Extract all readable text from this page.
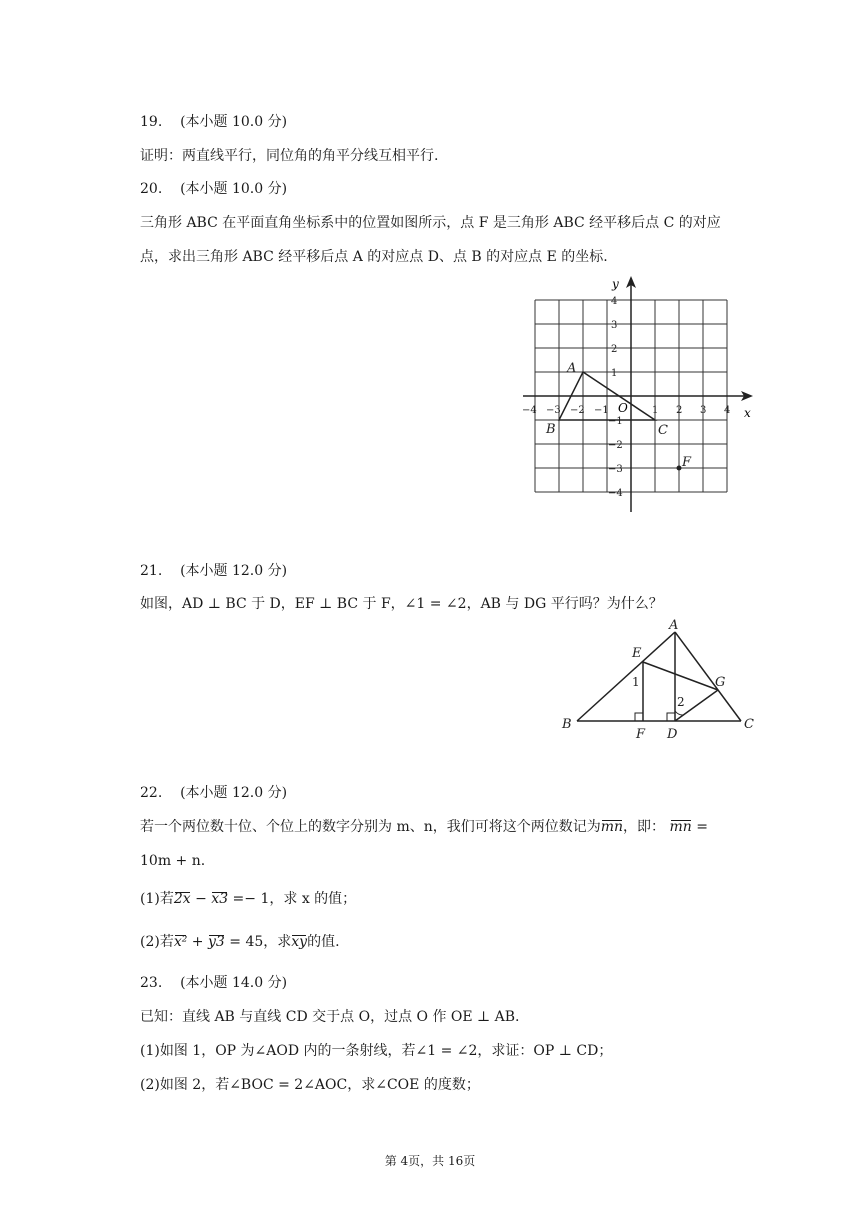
19. (本小题 10.0 分)
证明：两直线平行，同位角的角平分线互相平行.
20. (本小题 10.0 分)
三角形 ABC 在平面直角坐标系中的位置如图所示，点 F 是三角形 ABC 经平移后点 C 的对应
点，求出三角形 ABC 经平移后点 A 的对应点 D、点 B 的对应点 E 的坐标.
x
y
O
−4 −3 −2 −1	1 2 3 4
4
3
2
1
−1
−2
−3
−4
A
B	C
F
21. (本小题 12.0 分)
如图，AD ⊥ BC 于 D，EF ⊥ BC 于 F，∠1 = ∠2，AB 与 DG 平行吗？为什么？
A
E
G
B
F D
C
1
2
22. (本小题 12.0 分)
若一个两位数十位、个位上的数字分别为 m、n，我们可将这个两位数记为mn，即： mn =
10m + n.
(1)若2x − x3 =− 1，求 x 的值；
(2)若x² + y3 = 45，求xy的值.
23. (本小题 14.0 分)
已知：直线 AB 与直线 CD 交于点 O，过点 O 作 OE ⊥ AB.
(1)如图 1，OP 为∠AOD 内的一条射线，若∠1 = ∠2，求证：OP ⊥ CD；
(2)如图 2，若∠BOC = 2∠AOC，求∠COE 的度数；
第 4页，共 16页
